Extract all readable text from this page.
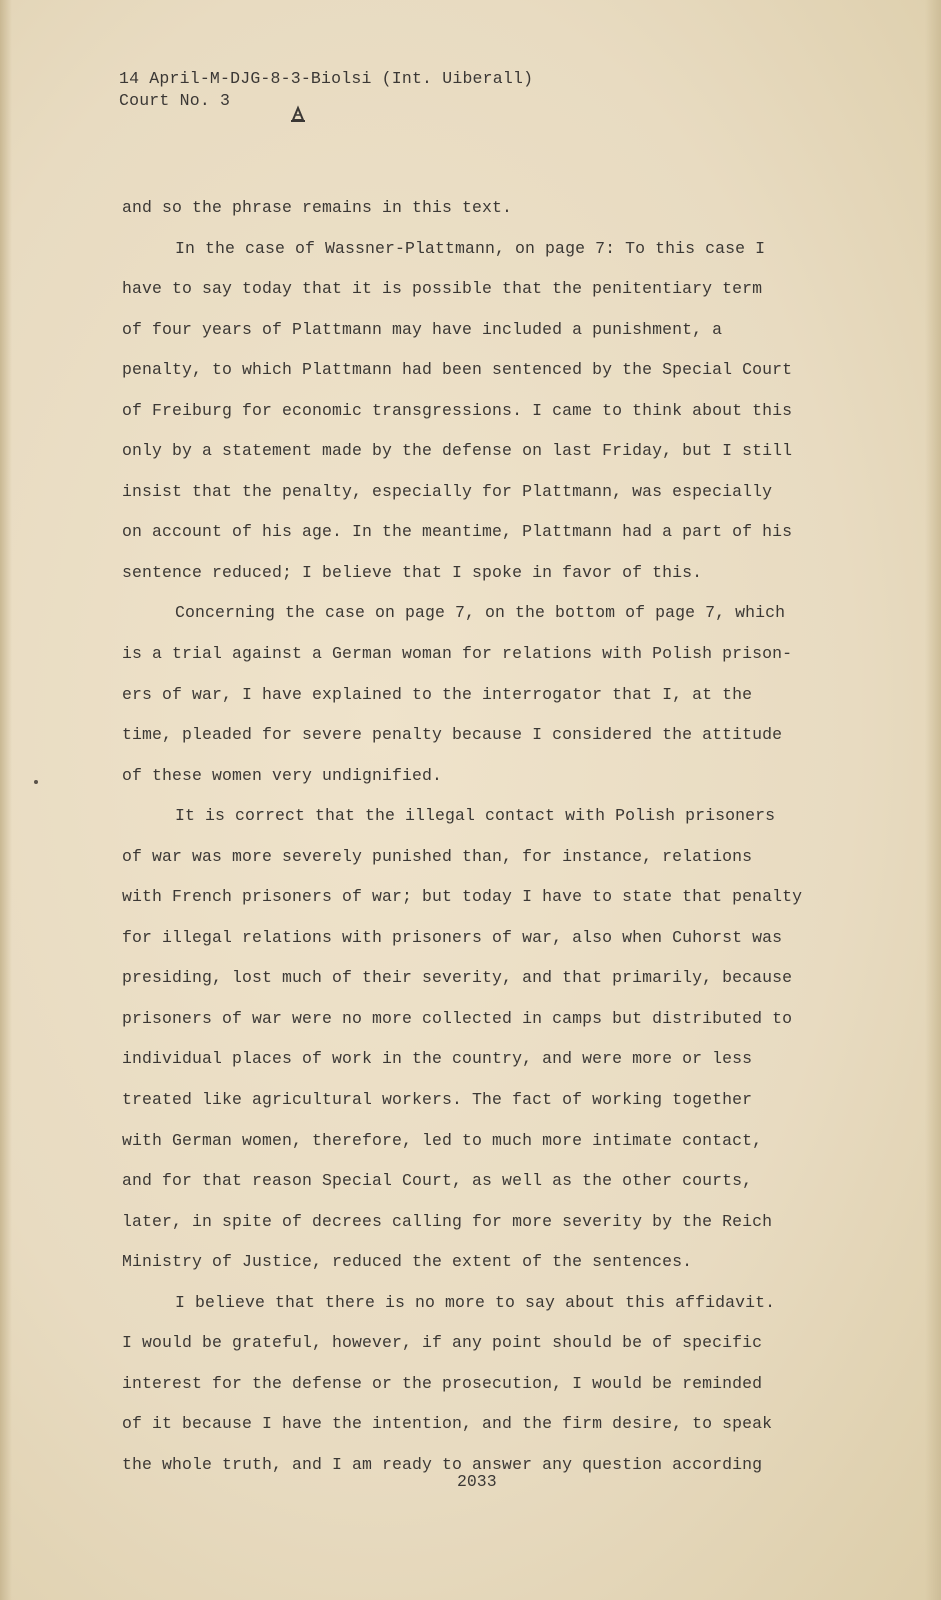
14 April-M-DJG-8-3-Biolsi (Int. Uiberall)
Court No. 3
and so the phrase remains in this text.
In the case of Wassner-Plattmann, on page 7: To this case I
have to say today that it is possible that the penitentiary term
of four years of Plattmann may have included a punishment, a
penalty, to which Plattmann had been sentenced by the Special Court
of Freiburg for economic transgressions. I came to think about this
only by a statement made by the defense on last Friday, but I still
insist that the penalty, especially for Plattmann, was especially
on account of his age. In the meantime, Plattmann had a part of his
sentence reduced; I believe that I spoke in favor of this.
Concerning the case on page 7, on the bottom of page 7, which
is a trial against a German woman for relations with Polish prison-
ers of war, I have explained to the interrogator that I, at the
time, pleaded for severe penalty because I considered the attitude
of these women very undignified.
It is correct that the illegal contact with Polish prisoners
of war was more severely punished than, for instance, relations
with French prisoners of war; but today I have to state that penalty
for illegal relations with prisoners of war, also when Cuhorst was
presiding, lost much of their severity, and that primarily, because
prisoners of war were no more collected in camps but distributed to
individual places of work in the country, and were more or less
treated like agricultural workers. The fact of working together
with German women, therefore, led to much more intimate contact,
and for that reason Special Court, as well as the other courts,
later, in spite of decrees calling for more severity by the Reich
Ministry of Justice, reduced the extent of the sentences.
I believe that there is no more to say about this affidavit.
I would be grateful, however, if any point should be of specific
interest for the defense or the prosecution, I would be reminded
of it because I have the intention, and the firm desire, to speak
the whole truth, and I am ready to answer any question according
2033
